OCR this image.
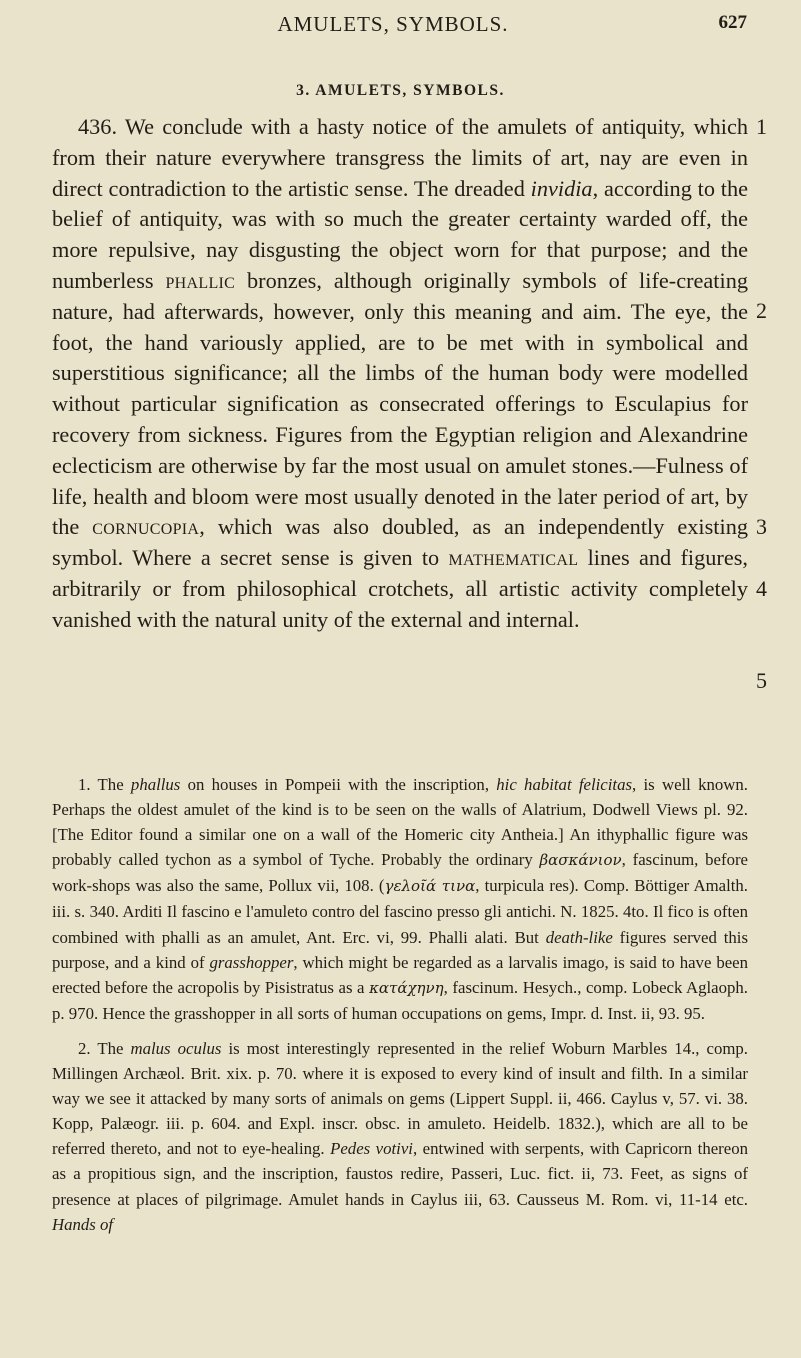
AMULETS, SYMBOLS.	627
3. AMULETS, SYMBOLS.
436. We conclude with a hasty notice of the amulets of antiquity, which from their nature everywhere transgress the limits of art, nay are even in direct contradiction to the artistic sense. The dreaded invidia, according to the belief of antiquity, was with so much the greater certainty warded off, the more repulsive, nay disgusting the object worn for that purpose; and the numberless phallic bronzes, although originally symbols of life-creating nature, had afterwards, however, only this meaning and aim. The eye, the foot, the hand variously applied, are to be met with in symbolical and superstitious significance; all the limbs of the human body were modelled without particular signification as consecrated offerings to Esculapius for recovery from sickness. Figures from the Egyptian religion and Alexandrine eclecticism are otherwise by far the most usual on amulet stones.—Fulness of life, health and bloom were most usually denoted in the later period of art, by the cornucopia, which was also doubled, as an independently existing symbol. Where a secret sense is given to mathematical lines and figures, arbitrarily or from philosophical crotchets, all artistic activity completely vanished with the natural unity of the external and internal.
1
2
3
4
5

1. The phallus on houses in Pompeii with the inscription, hic habitat felicitas, is well known. Perhaps the oldest amulet of the kind is to be seen on the walls of Alatrium, Dodwell Views pl. 92. [The Editor found a similar one on a wall of the Homeric city Antheia.] An ithyphallic figure was probably called tychon as a symbol of Tyche. Probably the ordinary βασκάνιον, fascinum, before work-shops was also the same, Pollux vii, 108. (γελοῖά τινα, turpicula res). Comp. Böttiger Amalth. iii. s. 340. Arditi Il fascino e l'amuleto contro del fascino presso gli antichi. N. 1825. 4to. Il fico is often combined with phalli as an amulet, Ant. Erc. vi, 99. Phalli alati. But death-like figures served this purpose, and a kind of grasshopper, which might be regarded as a larvalis imago, is said to have been erected before the acropolis by Pisistratus as a κατάχηνη, fascinum. Hesych., comp. Lobeck Aglaoph. p. 970. Hence the grasshopper in all sorts of human occupations on gems, Impr. d. Inst. ii, 93. 95.

2. The malus oculus is most interestingly represented in the relief Woburn Marbles 14., comp. Millingen Archæol. Brit. xix. p. 70. where it is exposed to every kind of insult and filth. In a similar way we see it attacked by many sorts of animals on gems (Lippert Suppl. ii, 466. Caylus v, 57. vi. 38. Kopp, Palæogr. iii. p. 604. and Expl. inscr. obsc. in amuleto. Heidelb. 1832.), which are all to be referred thereto, and not to eye-healing. Pedes votivi, entwined with serpents, with Capricorn thereon as a propitious sign, and the inscription, faustos redire, Passeri, Luc. fict. ii, 73. Feet, as signs of presence at places of pilgrimage. Amulet hands in Caylus iii, 63. Causseus M. Rom. vi, 11-14 etc. Hands of
